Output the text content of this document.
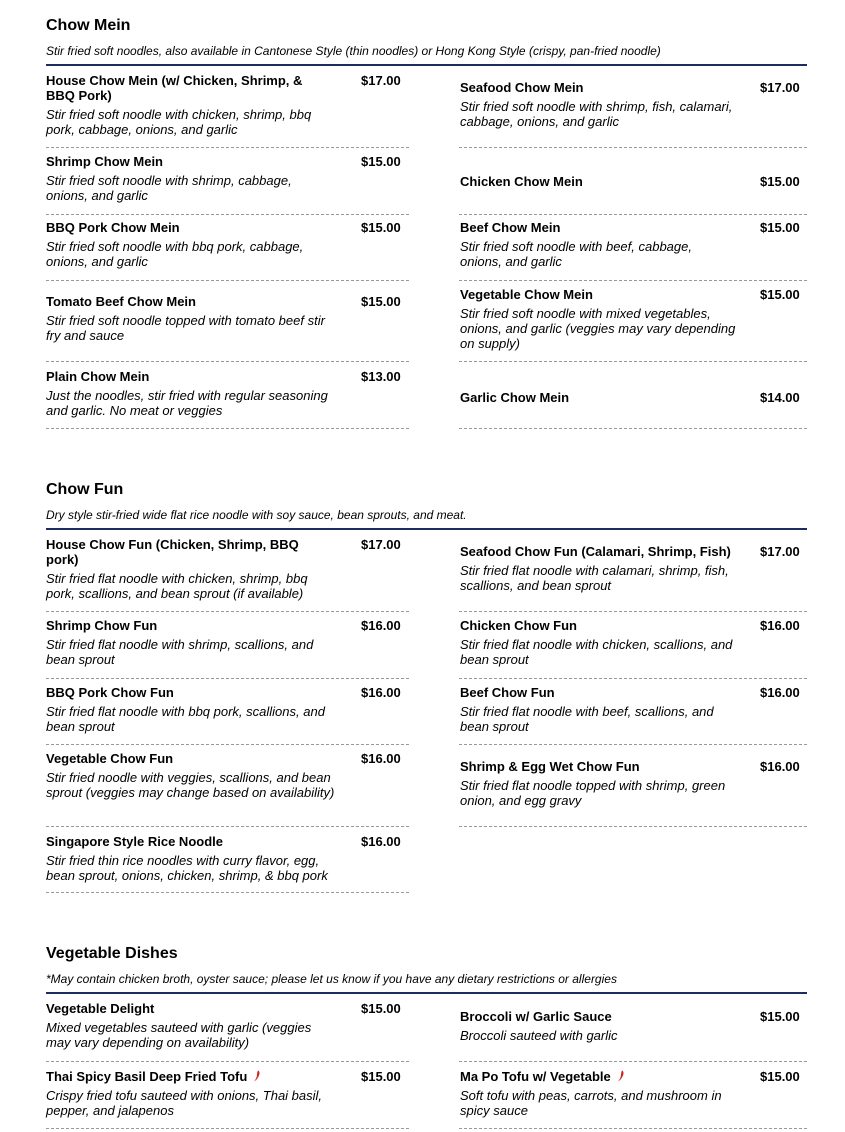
Chow Mein
Stir fried soft noodles, also available in Cantonese Style (thin noodles) or Hong Kong Style (crispy, pan-fried noodle)
House Chow Mein (w/ Chicken, Shrimp, & BBQ Pork)
$17.00
Stir fried soft noodle with chicken, shrimp, bbq pork, cabbage, onions, and garlic
Shrimp Chow Mein	$15.00
Stir fried soft noodle with shrimp, cabbage, onions, and garlic
BBQ Pork Chow Mein	$15.00
Stir fried soft noodle with bbq pork, cabbage, onions, and garlic
Tomato Beef Chow Mein	$15.00
Stir fried soft noodle topped with tomato beef stir fry and sauce
Plain Chow Mein	$13.00
Just the noodles, stir fried with regular seasoning and garlic. No meat or veggies
Seafood Chow Mein	$17.00
Stir fried soft noodle with shrimp, fish, calamari, cabbage, onions, and garlic
Chicken Chow Mein	$15.00
Beef Chow Mein	$15.00
Stir fried soft noodle with beef, cabbage, onions, and garlic
Vegetable Chow Mein	$15.00
Stir fried soft noodle with mixed vegetables, onions, and garlic (veggies may vary depending on supply)
Garlic Chow Mein	$14.00
Chow Fun
Dry style stir-fried wide flat rice noodle with soy sauce, bean sprouts, and meat.
House Chow Fun (Chicken, Shrimp, BBQ pork)
$17.00
Stir fried flat noodle with chicken, shrimp, bbq pork, scallions, and bean sprout (if available)
Shrimp Chow Fun	$16.00
Stir fried flat noodle with shrimp, scallions, and bean sprout
BBQ Pork Chow Fun	$16.00
Stir fried flat noodle with bbq pork, scallions, and bean sprout
Vegetable Chow Fun	$16.00
Stir fried noodle with veggies, scallions, and bean sprout (veggies may change based on availability)
Singapore Style Rice Noodle	$16.00
Stir fried thin rice noodles with curry flavor, egg, bean sprout, onions, chicken, shrimp, & bbq pork
Seafood Chow Fun (Calamari, Shrimp, Fish) $17.00
Stir fried flat noodle with calamari, shrimp, fish, scallions, and bean sprout
Chicken Chow Fun	$16.00
Stir fried flat noodle with chicken, scallions, and bean sprout
Beef Chow Fun	$16.00
Stir fried flat noodle with beef, scallions, and bean sprout
Shrimp & Egg Wet Chow Fun	$16.00
Stir fried flat noodle topped with shrimp, green onion, and egg gravy
Vegetable Dishes
*May contain chicken broth, oyster sauce; please let us know if you have any dietary restrictions or allergies
Vegetable Delight	$15.00
Mixed vegetables sauteed with garlic (veggies may vary depending on availability)
Thai Spicy Basil Deep Fried Tofu	$15.00
Crispy fried tofu sauteed with onions, Thai basil, pepper, and jalapenos
Broccoli w/ Garlic Sauce	$15.00
Broccoli sauteed with garlic
Ma Po Tofu w/ Vegetable	$15.00
Soft tofu with peas, carrots, and mushroom in spicy sauce
